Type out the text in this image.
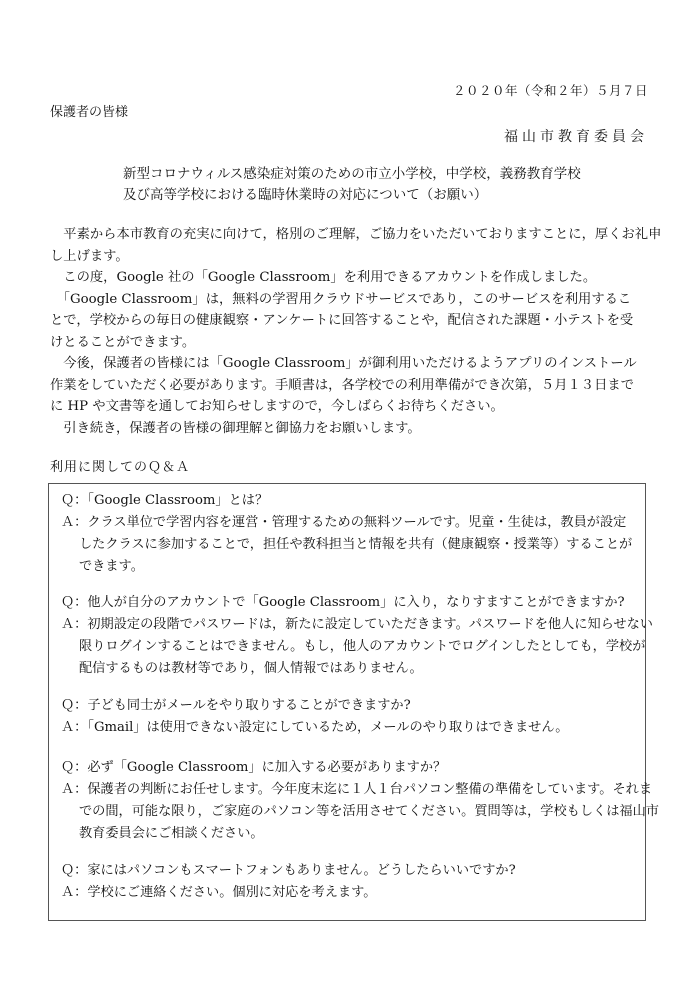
２０２０年（令和２年）５月７日
保護者の皆様
福山市教育委員会
新型コロナウィルス感染症対策のための市立小学校，中学校，義務教育学校
及び高等学校における臨時休業時の対応について（お願い）
　平素から本市教育の充実に向けて，格別のご理解，ご協力をいただいておりますことに，厚くお礼申
し上げます。
　この度，Google 社の「Google Classroom」を利用できるアカウントを作成しました。
　「Google Classroom」は，無料の学習用クラウドサービスであり，このサービスを利用するこ
とで，学校からの毎日の健康観察・アンケートに回答することや，配信された課題・小テストを受
けとることができます。
　今後，保護者の皆様には「Google Classroom」が御利用いただけるようアプリのインストール
作業をしていただく必要があります。手順書は，各学校での利用準備ができ次第，５月１３日まで
に HP や文書等を通してお知らせしますので，今しばらくお待ちください。
　引き続き，保護者の皆様の御理解と御協力をお願いします。
利用に関してのＱ＆Ａ
Ｑ：「Google Classroom」とは？
Ａ：クラス単位で学習内容を運営・管理するための無料ツールです。児童・生徒は，教員が設定
したクラスに参加することで，担任や教科担当と情報を共有（健康観察・授業等）することが
できます。
Ｑ：他人が自分のアカウントで「Google Classroom」に入り，なりすますことができますか?
Ａ：初期設定の段階でパスワードは，新たに設定していただきます。パスワードを他人に知らせない
限りログインすることはできません。もし，他人のアカウントでログインしたとしても，学校が
配信するものは教材等であり，個人情報ではありません。
Ｑ：子ども同士がメールをやり取りすることができますか?
Ａ：「Gmail」は使用できない設定にしているため，メールのやり取りはできません。
Ｑ：必ず「Google Classroom」に加入する必要がありますか？
Ａ：保護者の判断にお任せします。今年度末迄に１人１台パソコン整備の準備をしています。それま
での間，可能な限り，ご家庭のパソコン等を活用させてください。質問等は，学校もしくは福山市
教育委員会にご相談ください。
Ｑ：家にはパソコンもスマートフォンもありません。どうしたらいいですか?
Ａ：学校にご連絡ください。個別に対応を考えます。
